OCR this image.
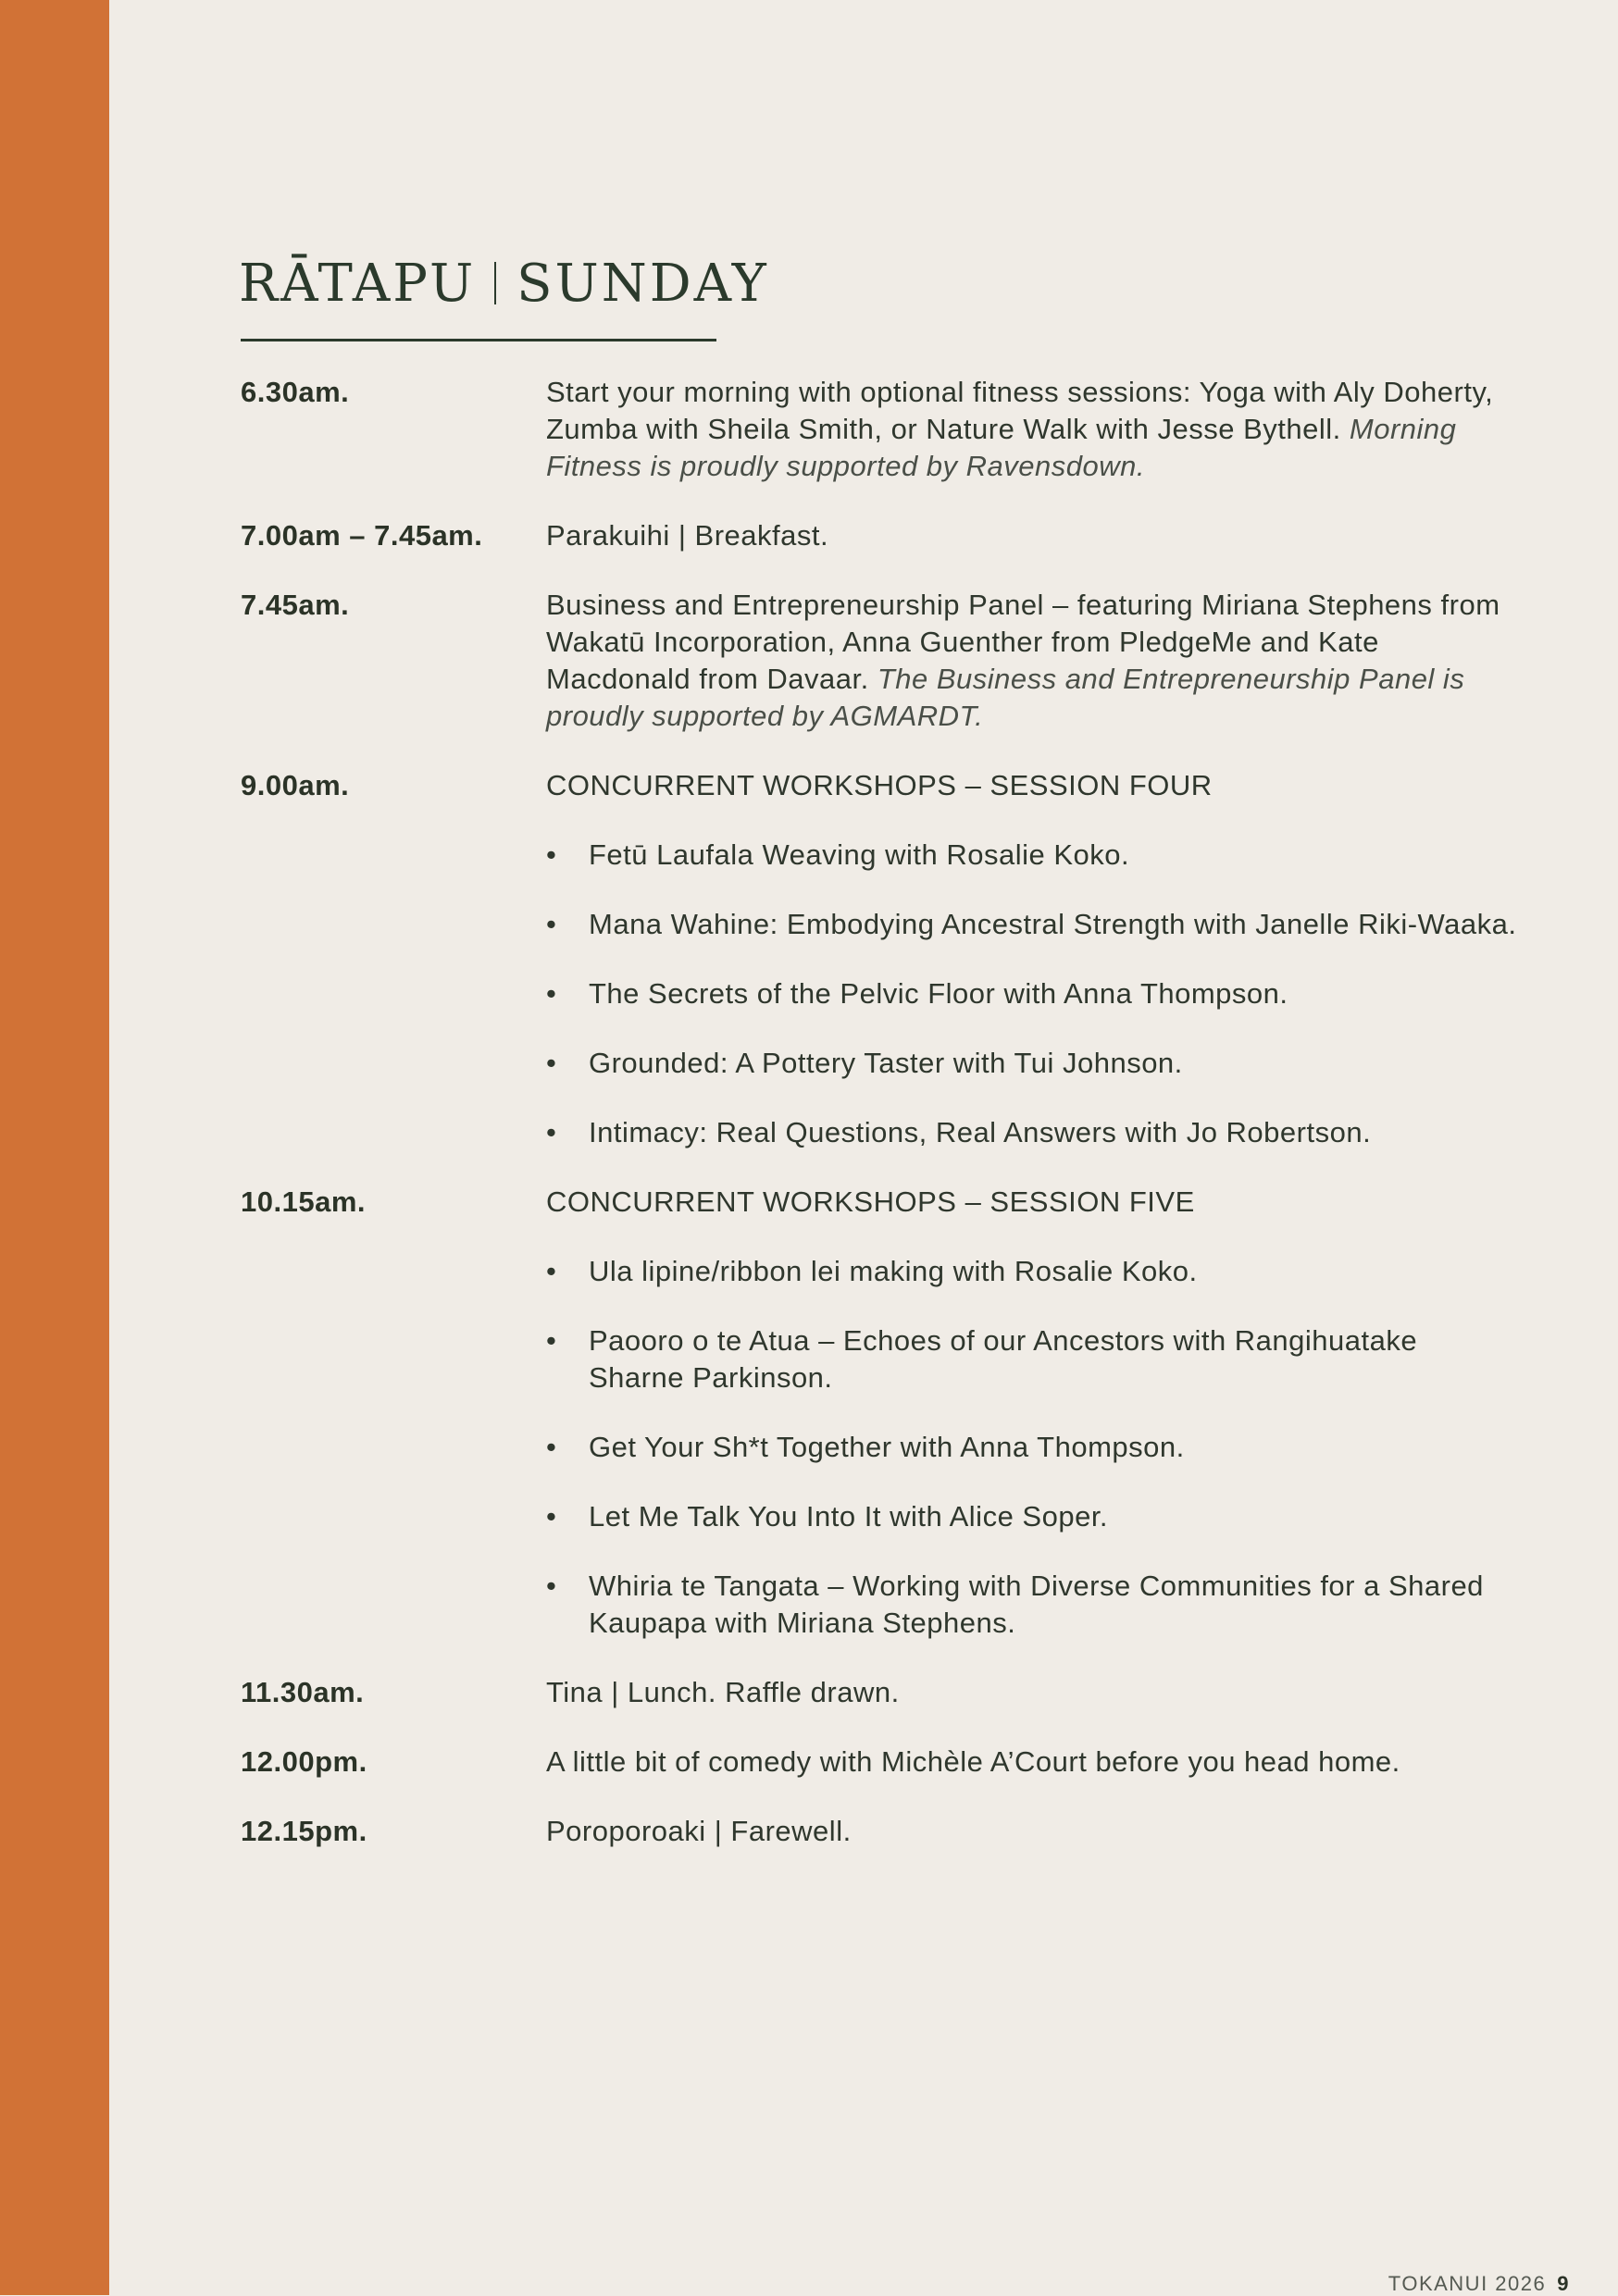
RĀTAPU SUNDAY
6.30am.	Start your morning with optional fitness sessions: Yoga with Aly Doherty, Zumba with Sheila Smith, or Nature Walk with Jesse Bythell. Morning Fitness is proudly supported by Ravensdown.
7.00am – 7.45am.	Parakuihi | Breakfast.
7.45am.	Business and Entrepreneurship Panel – featuring Miriana Stephens from Wakatū Incorporation, Anna Guenther from PledgeMe and Kate Macdonald from Davaar. The Business and Entrepreneurship Panel is proudly supported by AGMARDT.
9.00am.	CONCURRENT WORKSHOPS – SESSION FOUR
•	Fetū Laufala Weaving with Rosalie Koko.
•	Mana Wahine: Embodying Ancestral Strength with Janelle Riki-Waaka.
•	The Secrets of the Pelvic Floor with Anna Thompson.
•	Grounded: A Pottery Taster with Tui Johnson.
•	Intimacy: Real Questions, Real Answers with Jo Robertson.
10.15am.	CONCURRENT WORKSHOPS – SESSION FIVE
•	Ula lipine/ribbon lei making with Rosalie Koko.
•	Paooro o te Atua – Echoes of our Ancestors with Rangihuatake Sharne Parkinson.
•	Get Your Sh*t Together with Anna Thompson.
•	Let Me Talk You Into It with Alice Soper.
•	Whiria te Tangata – Working with Diverse Communities for a Shared Kaupapa with Miriana Stephens.
11.30am.	Tina | Lunch. Raffle drawn.
12.00pm.	A little bit of comedy with Michèle A’Court before you head home.
12.15pm.	Poroporoaki | Farewell.
TOKANUI 2026 9
